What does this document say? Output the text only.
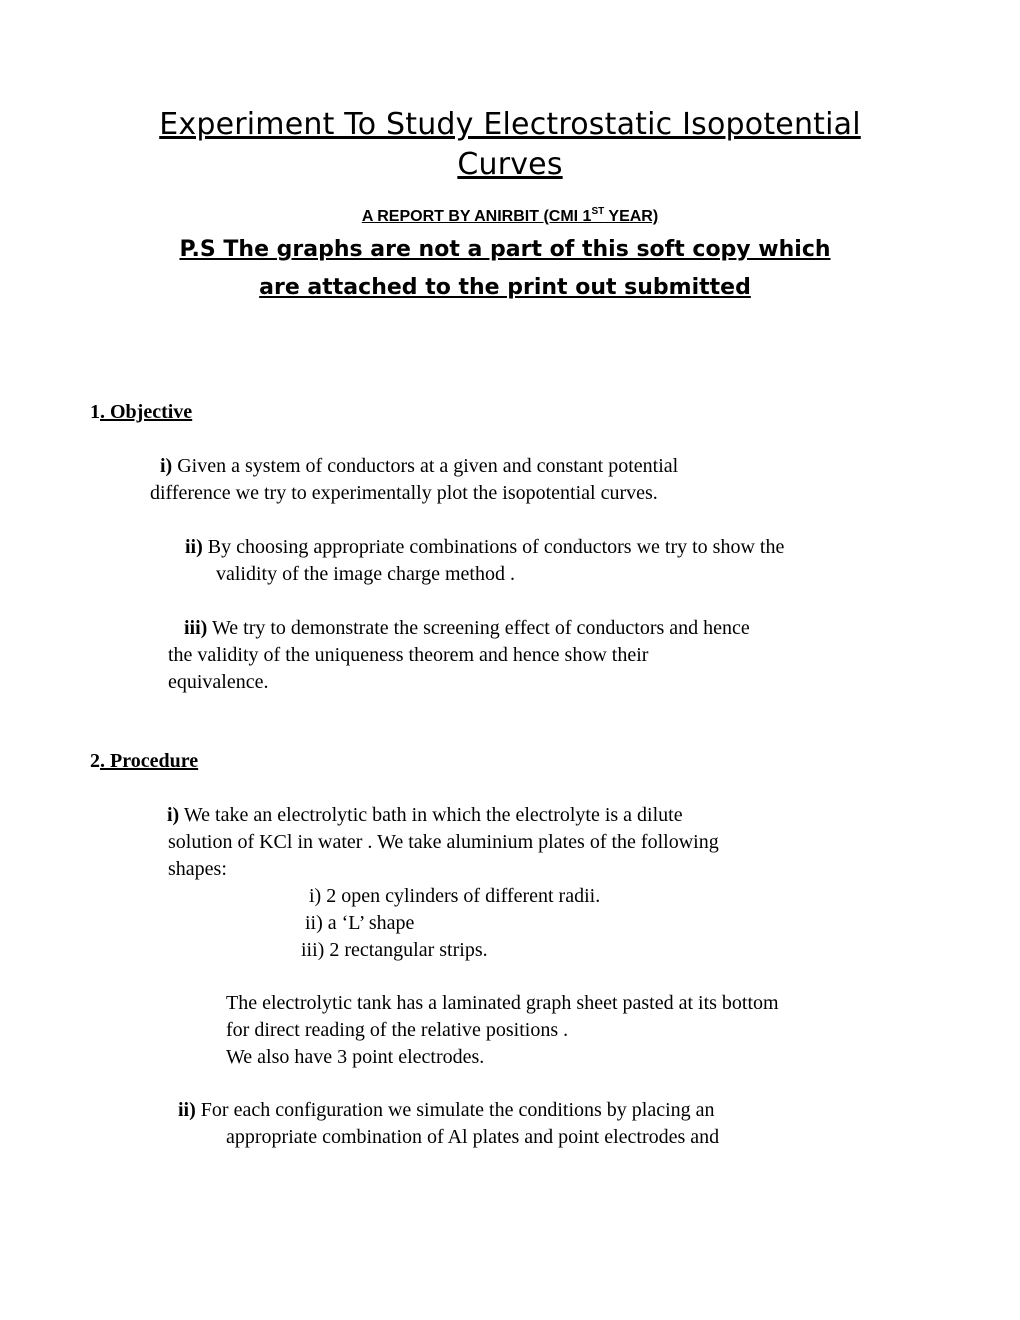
Experiment To Study Electrostatic Isopotential
Curves
A REPORT BY ANIRBIT (CMI 1ST YEAR)
P.S The graphs are not a part of this soft copy which
are attached to the print out submitted
1. Objective
i) Given a system of conductors at a given and constant potential
difference we try to experimentally plot the isopotential curves.
ii) By choosing appropriate combinations of conductors we try to show the
validity of the image charge method .
iii) We try to demonstrate the screening effect of conductors and hence
the validity of the uniqueness theorem and hence show their
equivalence.
2. Procedure
i) We take an electrolytic bath in which the electrolyte is a dilute
solution of KCl in water . We take aluminium plates of the following
shapes:
i) 2 open cylinders of different radii.
ii) a ‘L’ shape
iii) 2 rectangular strips.
The electrolytic tank has a laminated graph sheet pasted at its bottom
for direct reading of the relative positions .
We also have 3 point electrodes.
ii) For each configuration we simulate the conditions by placing an
appropriate combination of Al plates and point electrodes and
